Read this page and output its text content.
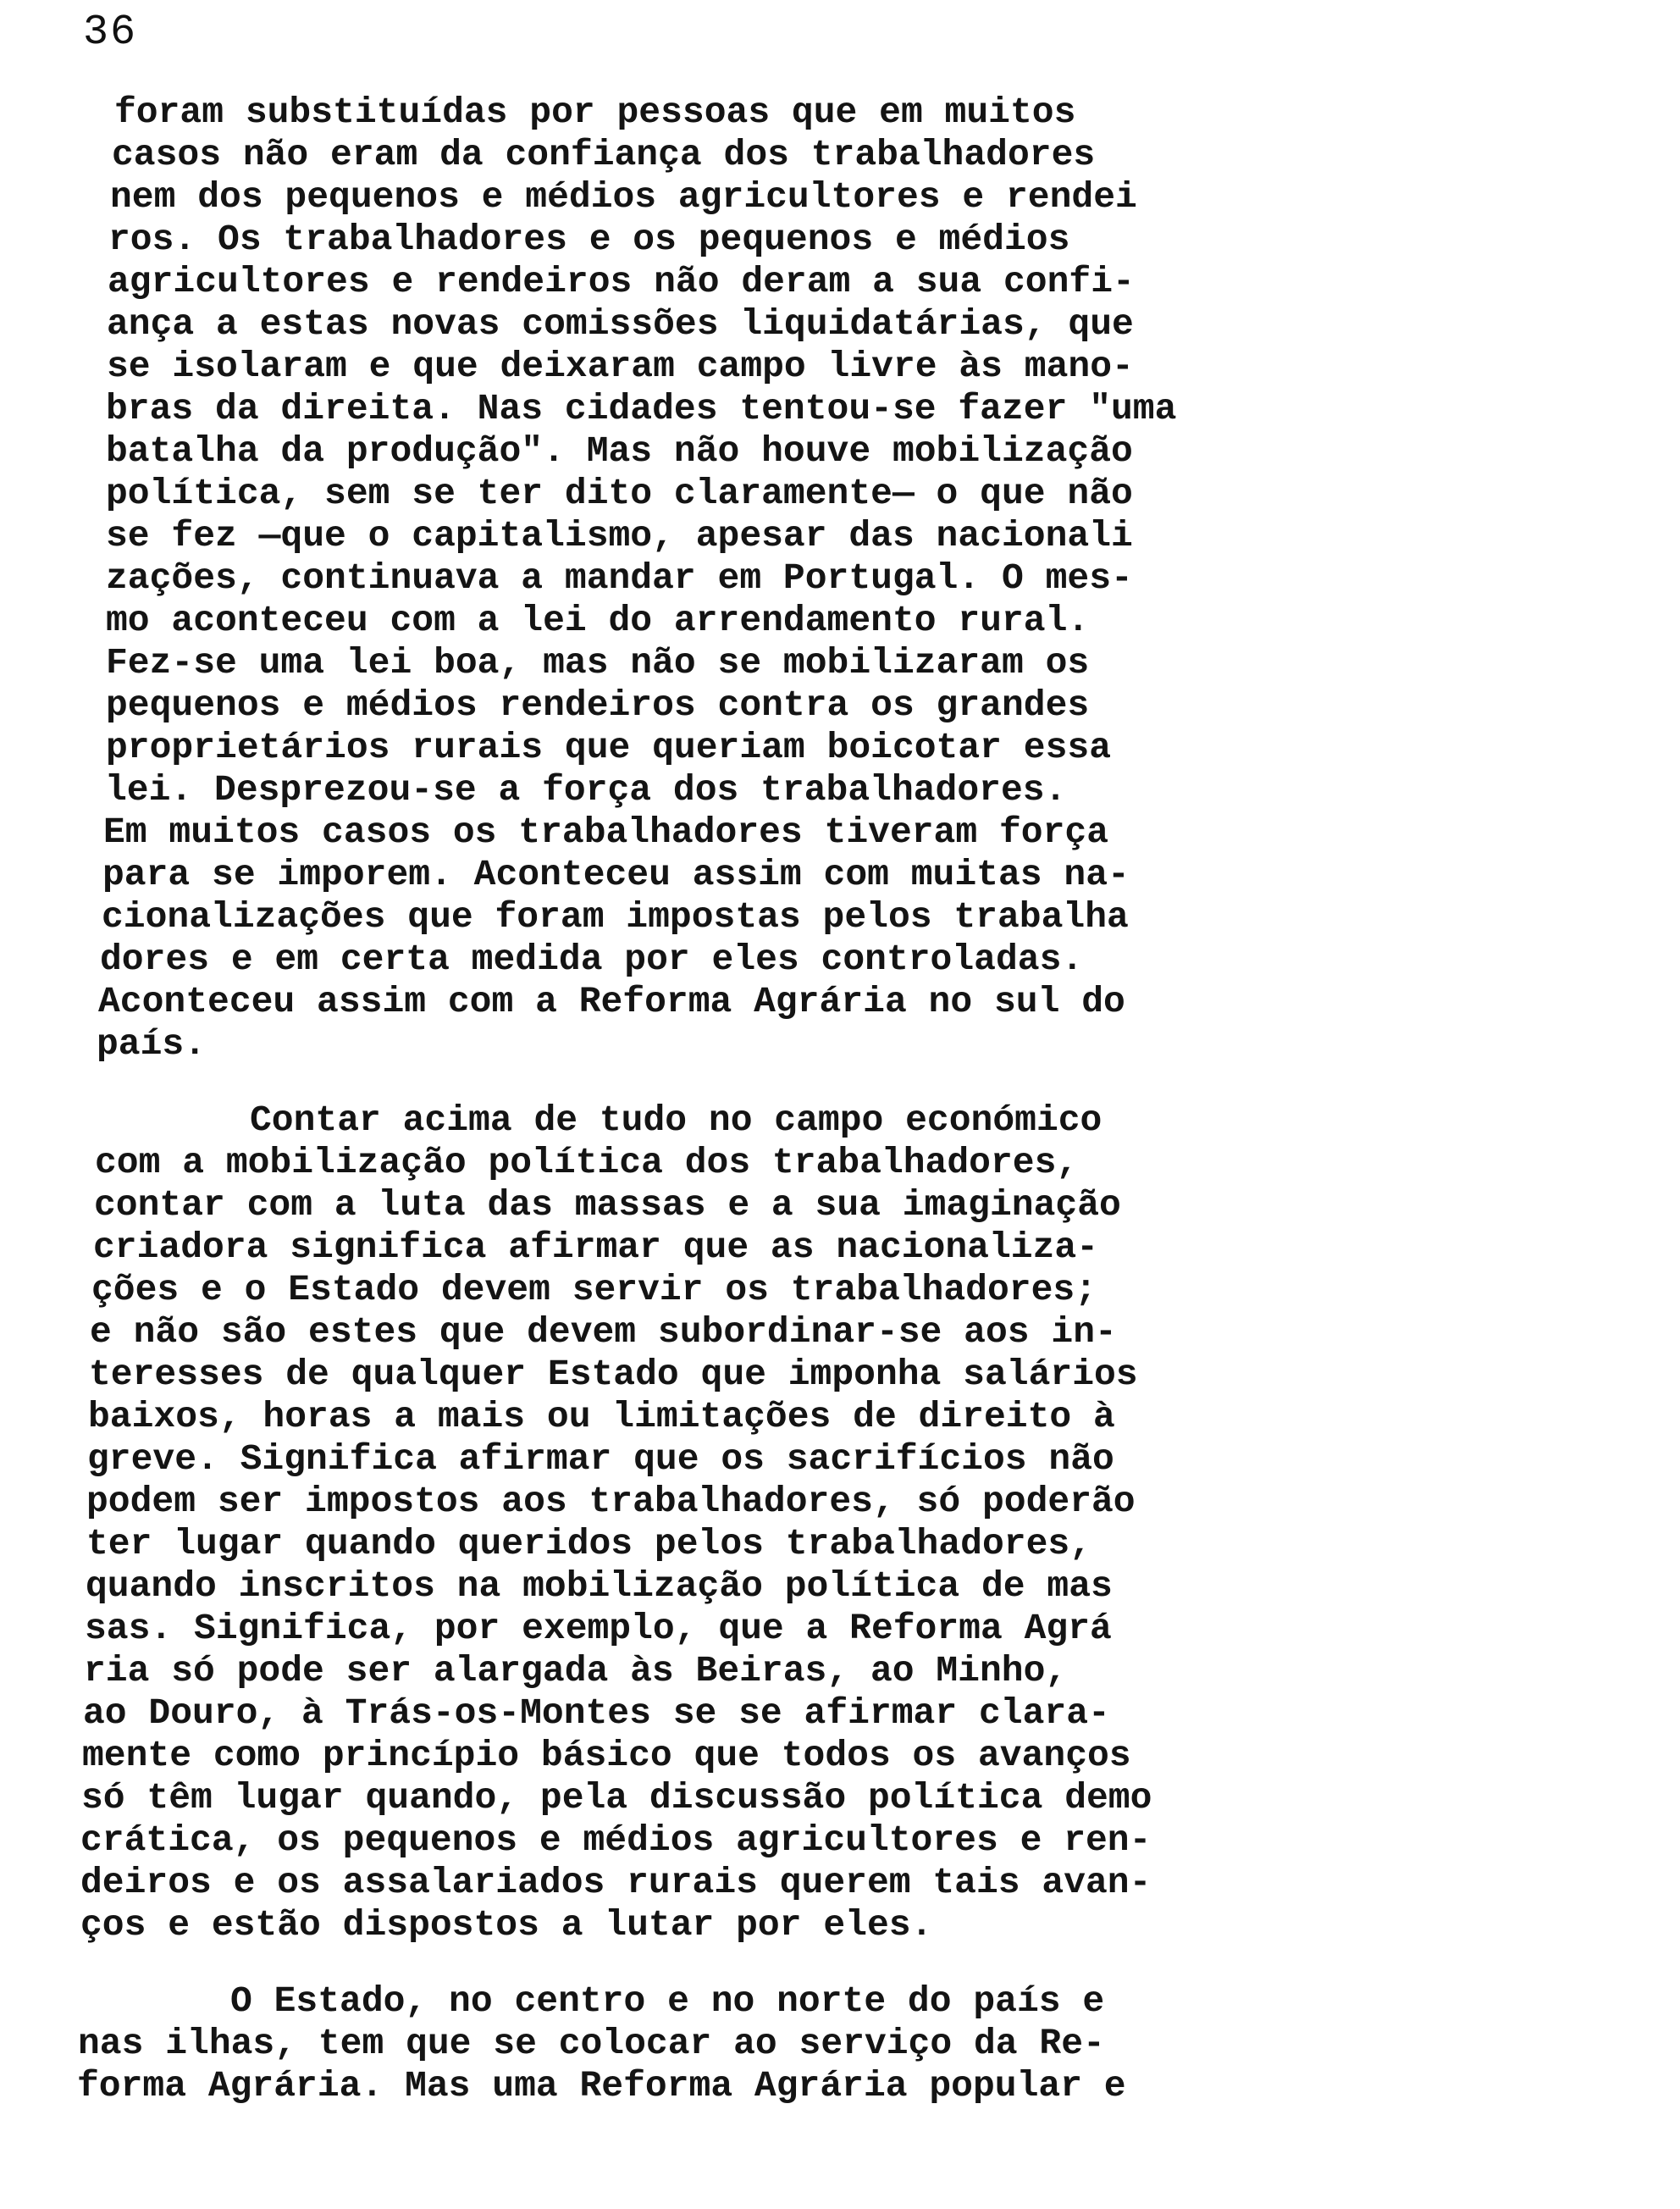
36
foram substituídas por pessoas que em muitos
casos não eram da confiança dos trabalhadores
nem dos pequenos e médios agricultores e rendei
ros. Os trabalhadores e os pequenos e médios
agricultores e rendeiros não deram a sua confi-
ança a estas novas comissões liquidatárias, que
se isolaram e que deixaram campo livre às mano-
bras da direita. Nas cidades tentou-se fazer "uma
batalha da produção". Mas não houve mobilização
política, sem se ter dito claramente— o que não
se fez —que o capitalismo, apesar das nacionali
zações, continuava a mandar em Portugal. O mes-
mo aconteceu com a lei do arrendamento rural.
Fez-se uma lei boa, mas não se mobilizaram os
pequenos e médios rendeiros contra os grandes
proprietários rurais que queriam boicotar essa
lei. Desprezou-se a força dos trabalhadores.
Em muitos casos os trabalhadores tiveram força
para se imporem. Aconteceu assim com muitas na-
cionalizações que foram impostas pelos trabalha
dores e em certa medida por eles controladas.
Aconteceu assim com a Reforma Agrária no sul do
país.
Contar acima de tudo no campo económico
com a mobilização política dos trabalhadores,
contar com a luta das massas e a sua imaginação
criadora significa afirmar que as nacionaliza-
ções e o Estado devem servir os trabalhadores;
e não são estes que devem subordinar-se aos in-
teresses de qualquer Estado que imponha salários
baixos, horas a mais ou limitações de direito à
greve. Significa afirmar que os sacrifícios não
podem ser impostos aos trabalhadores, só poderão
ter lugar quando queridos pelos trabalhadores,
quando inscritos na mobilização política de mas
sas. Significa, por exemplo, que a Reforma Agrá
ria só pode ser alargada às Beiras, ao Minho,
ao Douro, à Trás-os-Montes se se afirmar clara-
mente como princípio básico que todos os avanços
só têm lugar quando, pela discussão política demo
crática, os pequenos e médios agricultores e ren-
deiros e os assalariados rurais querem tais avan-
ços e estão dispostos a lutar por eles.
O Estado, no centro e no norte do país e
nas ilhas, tem que se colocar ao serviço da Re-
forma Agrária. Mas uma Reforma Agrária popular e
